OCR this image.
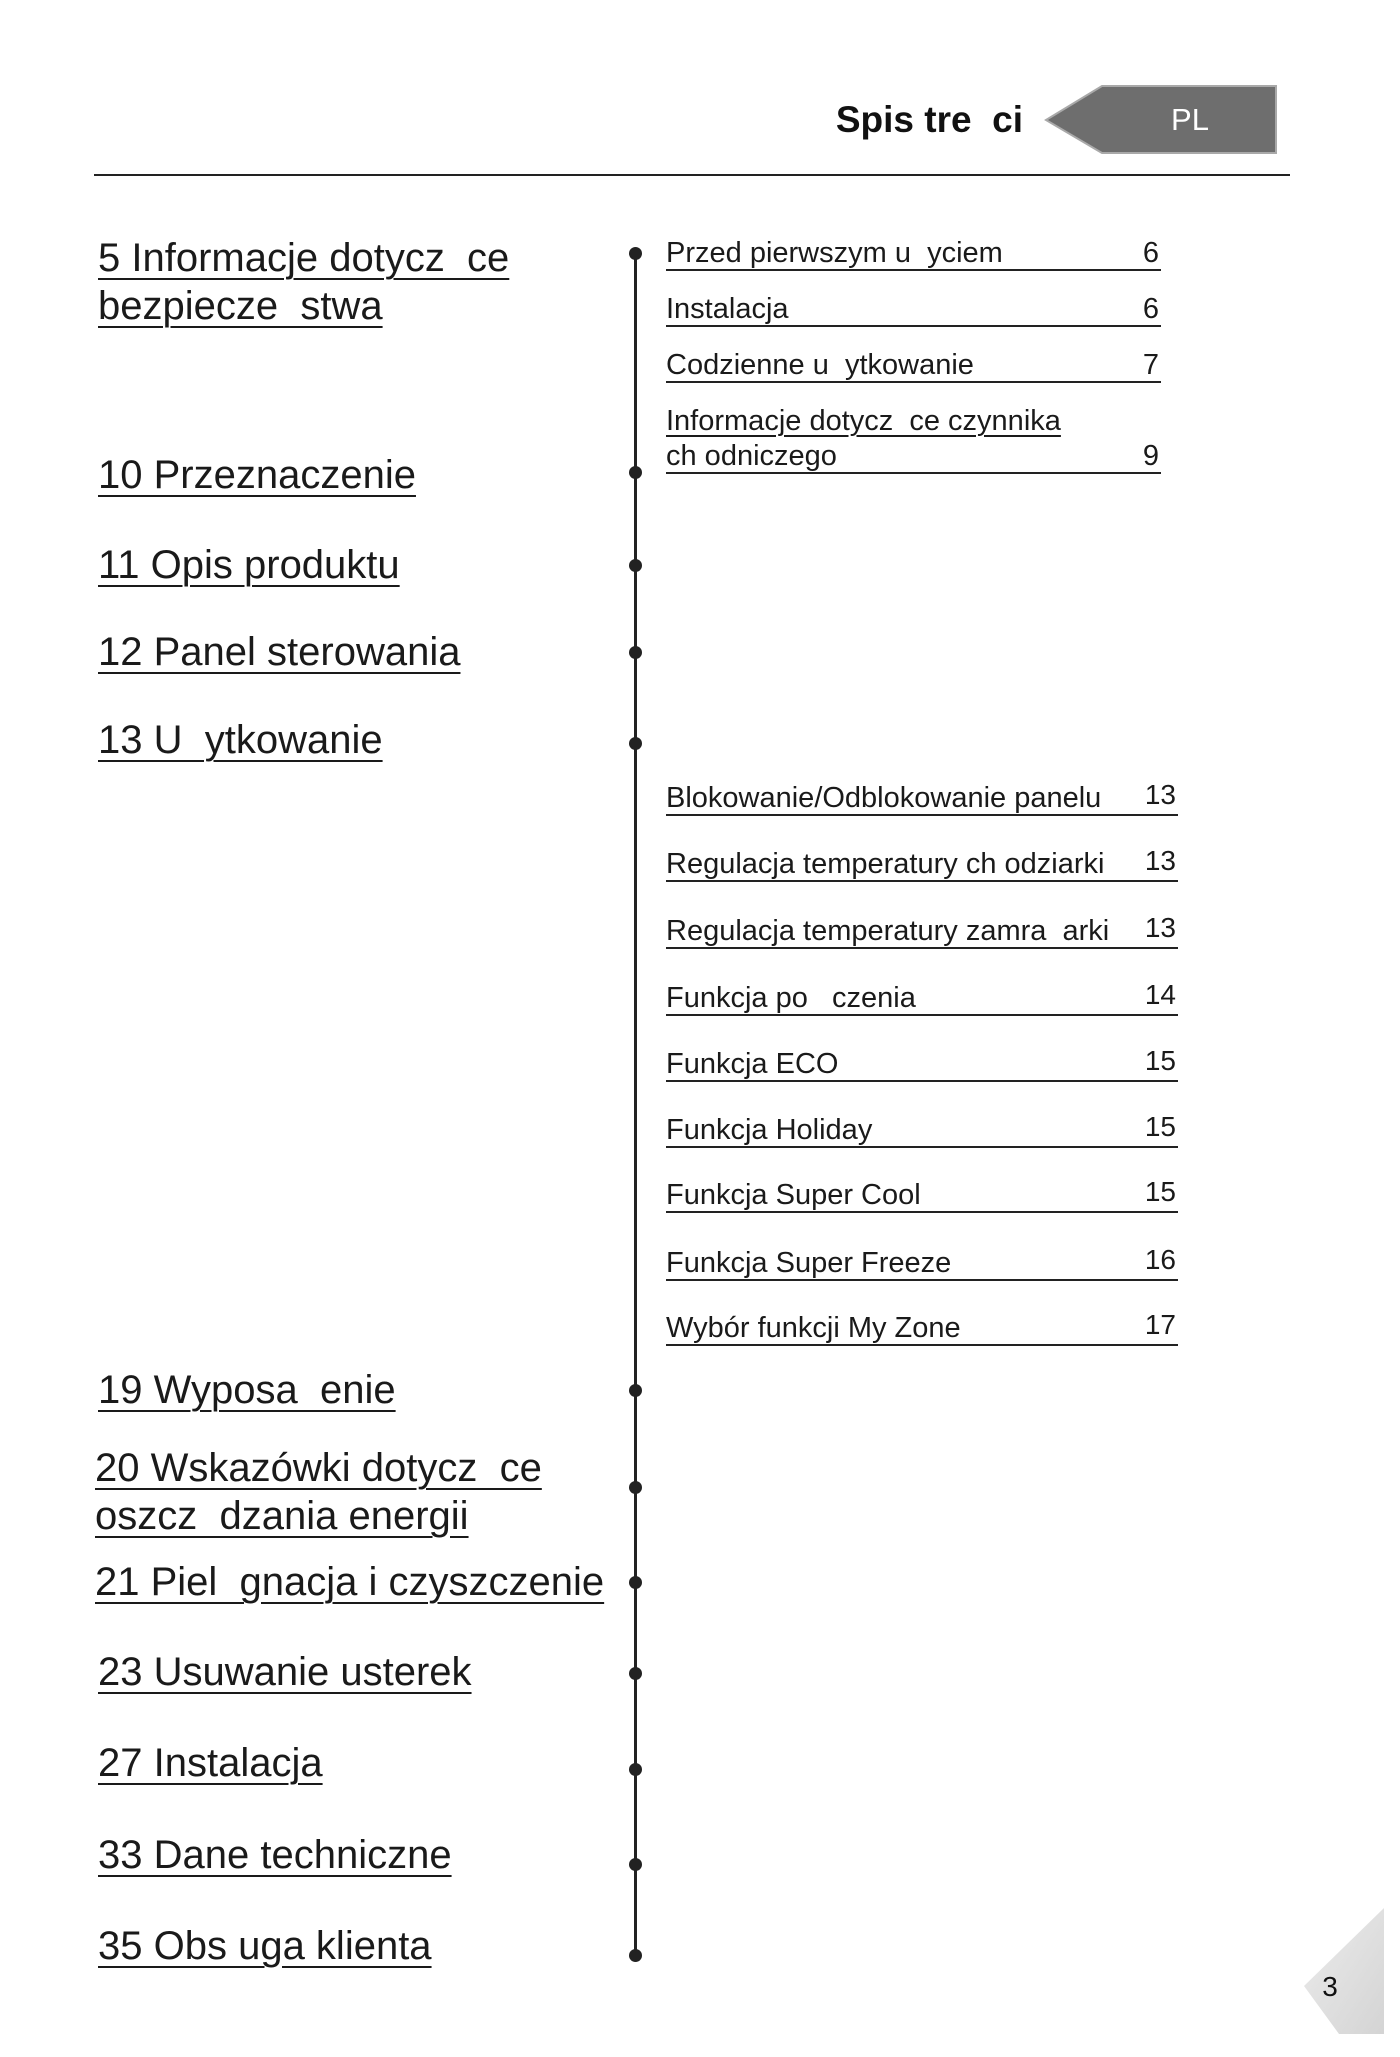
Spis tre  ci	PL
5 Informacje dotycz  ce
bezpiecze  stwa
10 Przeznaczenie
11 Opis produktu
12 Panel sterowania
13 U  ytkowanie
19 Wyposa  enie
20 Wskazówki dotycz  ce
oszcz  dzania energii
21 Piel  gnacja i czyszczenie
23 Usuwanie usterek
27 Instalacja
33 Dane techniczne
35 Obs uga klienta
Przed pierwszym u  yciem	6
Instalacja	6
Codzienne u  ytkowanie	7
Informacje dotycz  ce czynnika
ch odniczego	9
Blokowanie/Odblokowanie panelu 13
Regulacja temperatury ch odziarki 13
Regulacja temperatury zamra  arki 13
Funkcja po   czenia	14
Funkcja ECO	15
Funkcja Holiday	15
Funkcja Super Cool	15
Funkcja Super Freeze	16
Wybór funkcji My Zone	17
3
